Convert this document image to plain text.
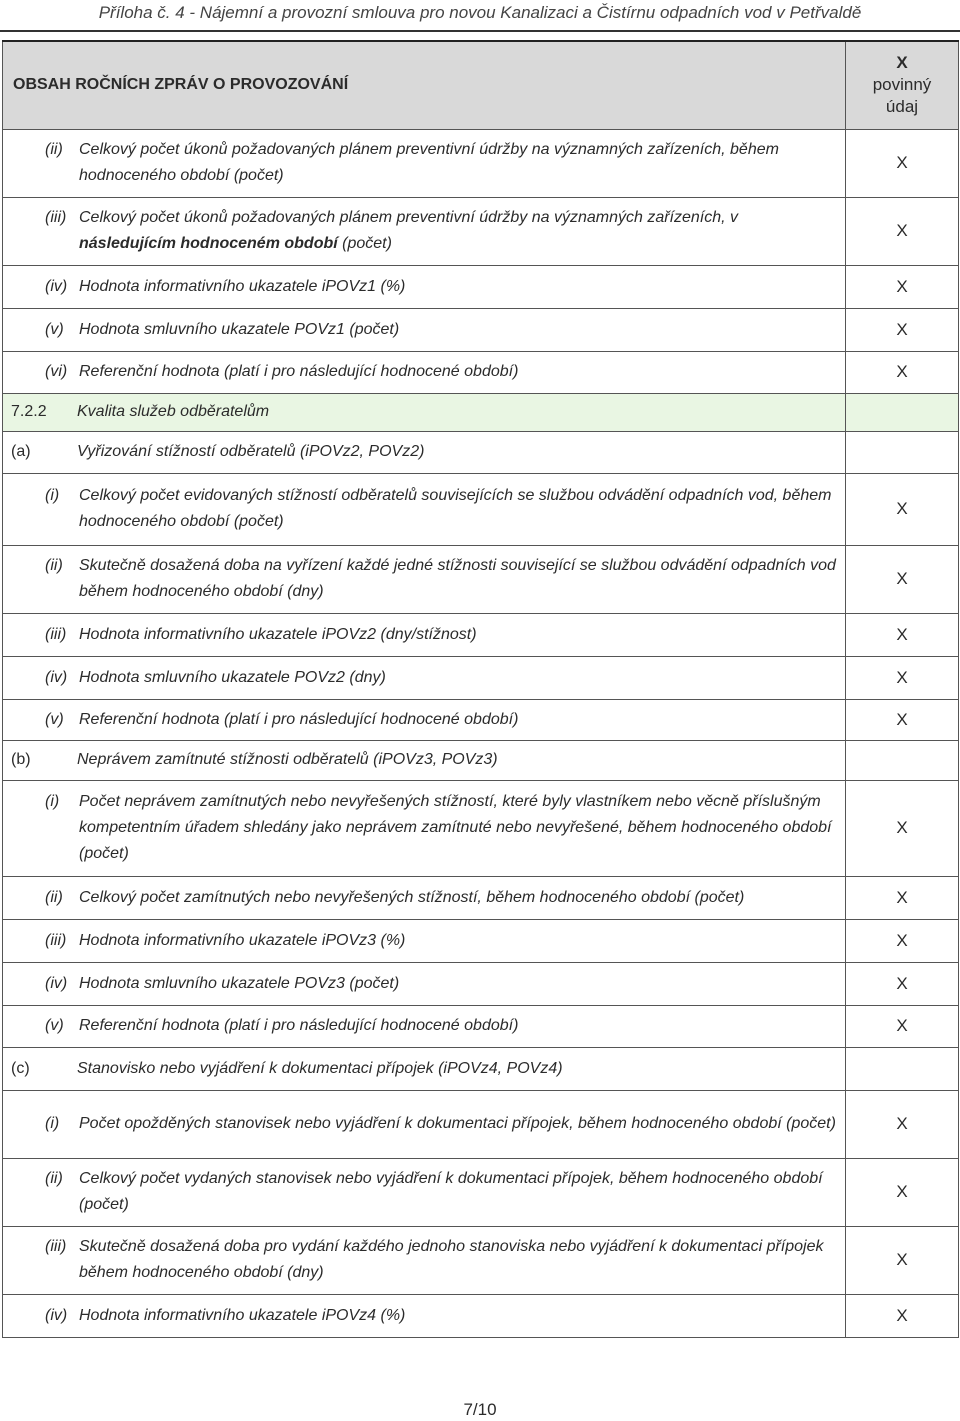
Příloha č. 4 - Nájemní a provozní smlouva pro novou Kanalizaci a Čistírnu odpadních vod v Petřvaldě
OBSAH ROČNÍCH ZPRÁV O PROVOZOVÁNÍ	X
povinný
údaj

(ii) Celkový počet úkonů požadovaných plánem preventivní údržby na významných zařízeních, během hodnoceného období (počet)	X

(iii) Celkový počet úkonů požadovaných plánem preventivní údržby na významných zařízeních, v následujícím hodnoceném období (počet)	X

(iv) Hodnota informativního ukazatele iPOVz1 (%)	X

(v) Hodnota smluvního ukazatele POVz1 (počet)	X

(vi) Referenční hodnota (platí i pro následující hodnocené období)	X

7.2.2 Kvalita služeb odběratelům	

(a) Vyřizování stížností odběratelů (iPOVz2, POVz2)	

(i) Celkový počet evidovaných stížností odběratelů souvisejících se službou odvádění odpadních vod, během hodnoceného období (počet)	X

(ii) Skutečně dosažená doba na vyřízení každé jedné stížnosti související se službou odvádění odpadních vod během hodnoceného období (dny)	X

(iii) Hodnota informativního ukazatele iPOVz2 (dny/stížnost)	X

(iv) Hodnota smluvního ukazatele POVz2 (dny)	X

(v) Referenční hodnota (platí i pro následující hodnocené období)	X

(b) Neprávem zamítnuté stížnosti odběratelů (iPOVz3, POVz3)	

(i) Počet neprávem zamítnutých nebo nevyřešených stížností, které byly vlastníkem nebo věcně příslušným kompetentním úřadem shledány jako neprávem zamítnuté nebo nevyřešené, během hodnoceného období (počet)	X

(ii) Celkový počet zamítnutých nebo nevyřešených stížností, během hodnoceného období (počet)	X

(iii) Hodnota informativního ukazatele iPOVz3 (%)	X

(iv) Hodnota smluvního ukazatele POVz3 (počet)	X

(v) Referenční hodnota (platí i pro následující hodnocené období)	X

(c) Stanovisko nebo vyjádření k dokumentaci přípojek (iPOVz4, POVz4)	

(i) Počet opožděných stanovisek nebo vyjádření k dokumentaci přípojek, během hodnoceného období (počet)	X

(ii) Celkový počet vydaných stanovisek nebo vyjádření k dokumentaci přípojek, během hodnoceného období (počet)	X

(iii) Skutečně dosažená doba pro vydání každého jednoho stanoviska nebo vyjádření k dokumentaci přípojek během hodnoceného období (dny)	X

(iv) Hodnota informativního ukazatele iPOVz4 (%)	X
7/10
